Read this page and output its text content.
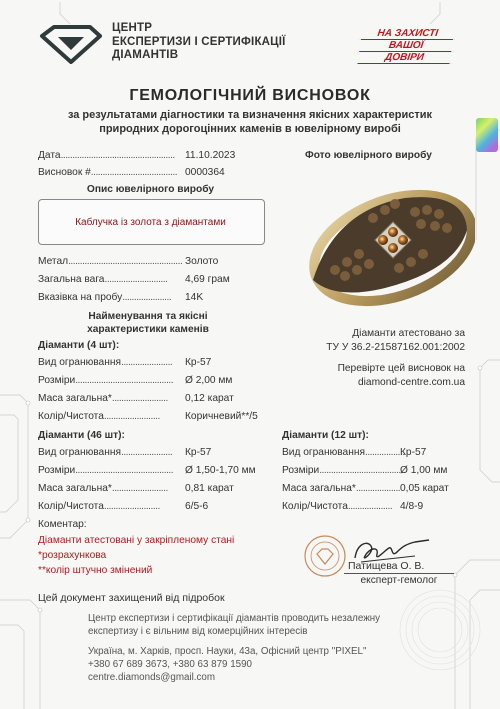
ЦЕНТР
ЕКСПЕРТИЗИ І СЕРТИФІКАЦІЇ
ДІАМАНТІВ
НА ЗАХИСТІ
ВАШОЇ
ДОВІРИ
ГЕМОЛОГІЧНИЙ ВИСНОВОК
за результатами діагностики та визначення якісних характеристик
природних дорогоцінних каменів в ювелірному виробі
Дата................................................. 11.10.2023
Висновок #..................................... 0000364
Опис ювелірного виробу
Каблучка із золота з діамантами
Фото ювелірного виробу
Метал................................................. Золото
Загальна вага........................... 4,69 грам
Вказівка на пробу..................... 14K
Найменування та якісні
характеристики каменів	Діаманти атестовано за
ТУ У 36.2-21587162.001:2002
Перевірте цей висновок на
diamond-centre.com.ua
Діаманти (4 шт):
Вид огранювання...................... Кр-57
Розміри.......................................... Ø 2,00 мм
Маса загальна*........................ 0,12 карат
Колір/Чистота........................ Коричневий**/5
Діаманти (46 шт):
Вид огранювання...................... Кр-57
Розміри.......................................... Ø 1,50-1,70 мм
Маса загальна*........................ 0,81 карат
Колір/Чистота........................ 6/5-6
Діаманти (12 шт):
Вид огранювання.................
Кр-57
Розміри....................................
Ø 1,00 мм
Маса загальна*................... 0,05 карат
Колір/Чистота................... 4/8-9
Коментар:
Діаманти атестовані у закріпленому стані
*розрахункова
**колір штучно змінений	Патищева О. В.
експерт-гемолог
Цей документ захищений від підробок
Центр експертизи і сертифікації діамантів проводить незалежну
експертизу і є вільним від комерційних інтересів
Україна, м. Харків, просп. Науки, 43а, Офісний центр "PIXEL"
+380 67 689 3673, +380 63 879 1590
centre.diamonds@gmail.com
